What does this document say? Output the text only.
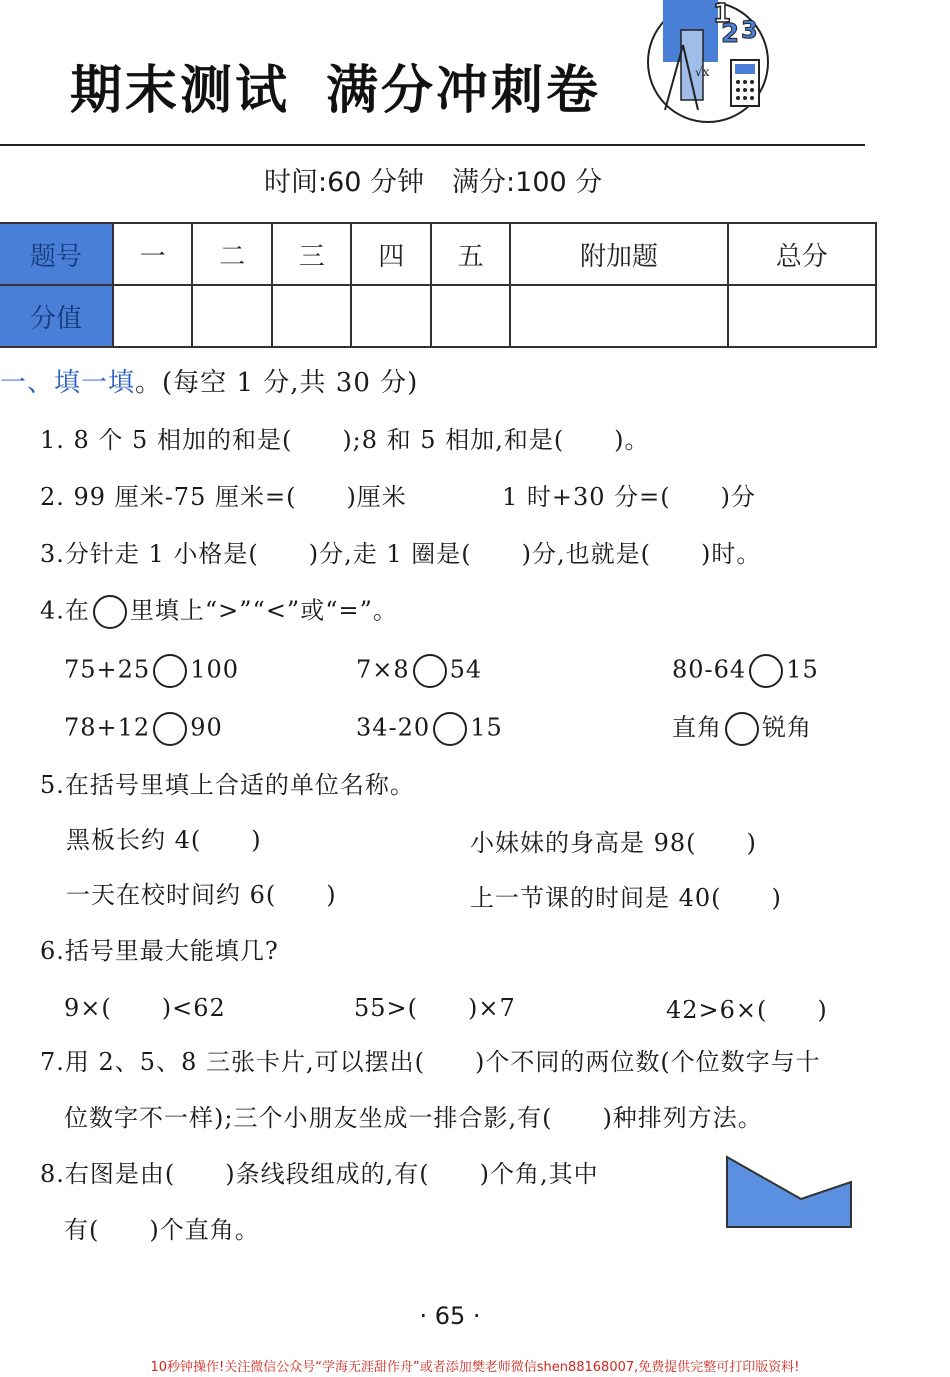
1
2 3
√x
期末测试 满分冲刺卷
时间:60 分钟 满分:100 分
题号	一	二	三	四	五	附加题	总分
分值							
一、填一填。(每空 1 分,共 30 分)
1. 8 个 5 相加的和是(　　);8 和 5 相加,和是(　　)。
2. 99 厘米-75 厘米=(　　)厘米	1 时+30 分=(　　)分
3.分针走 1 小格是(　　)分,走 1 圈是(　　)分,也就是(　　)时。
4.在 里填上“>”“<”或“=”。
75+25 100	7×8 54	80-64 15
78+12 90	34-20 15	直角 锐角
5.在括号里填上合适的单位名称。
黑板长约 4(　　)	小妹妹的身高是 98(　　)
一天在校时间约 6(　　)	上一节课的时间是 40(　　)
6.括号里最大能填几?
9×(　　)<62	55>(　　)×7	42>6×(　　)
7.用 2、5、8 三张卡片,可以摆出(　　)个不同的两位数(个位数字与十
位数字不一样);三个小朋友坐成一排合影,有(　　)种排列方法。
8.右图是由(　　)条线段组成的,有(　　)个角,其中
有(　　)个直角。
· 65 ·
10秒钟操作!关注微信公众号“学海无涯甜作舟”或者添加樊老师微信shen88168007,免费提供完整可打印版资料!
